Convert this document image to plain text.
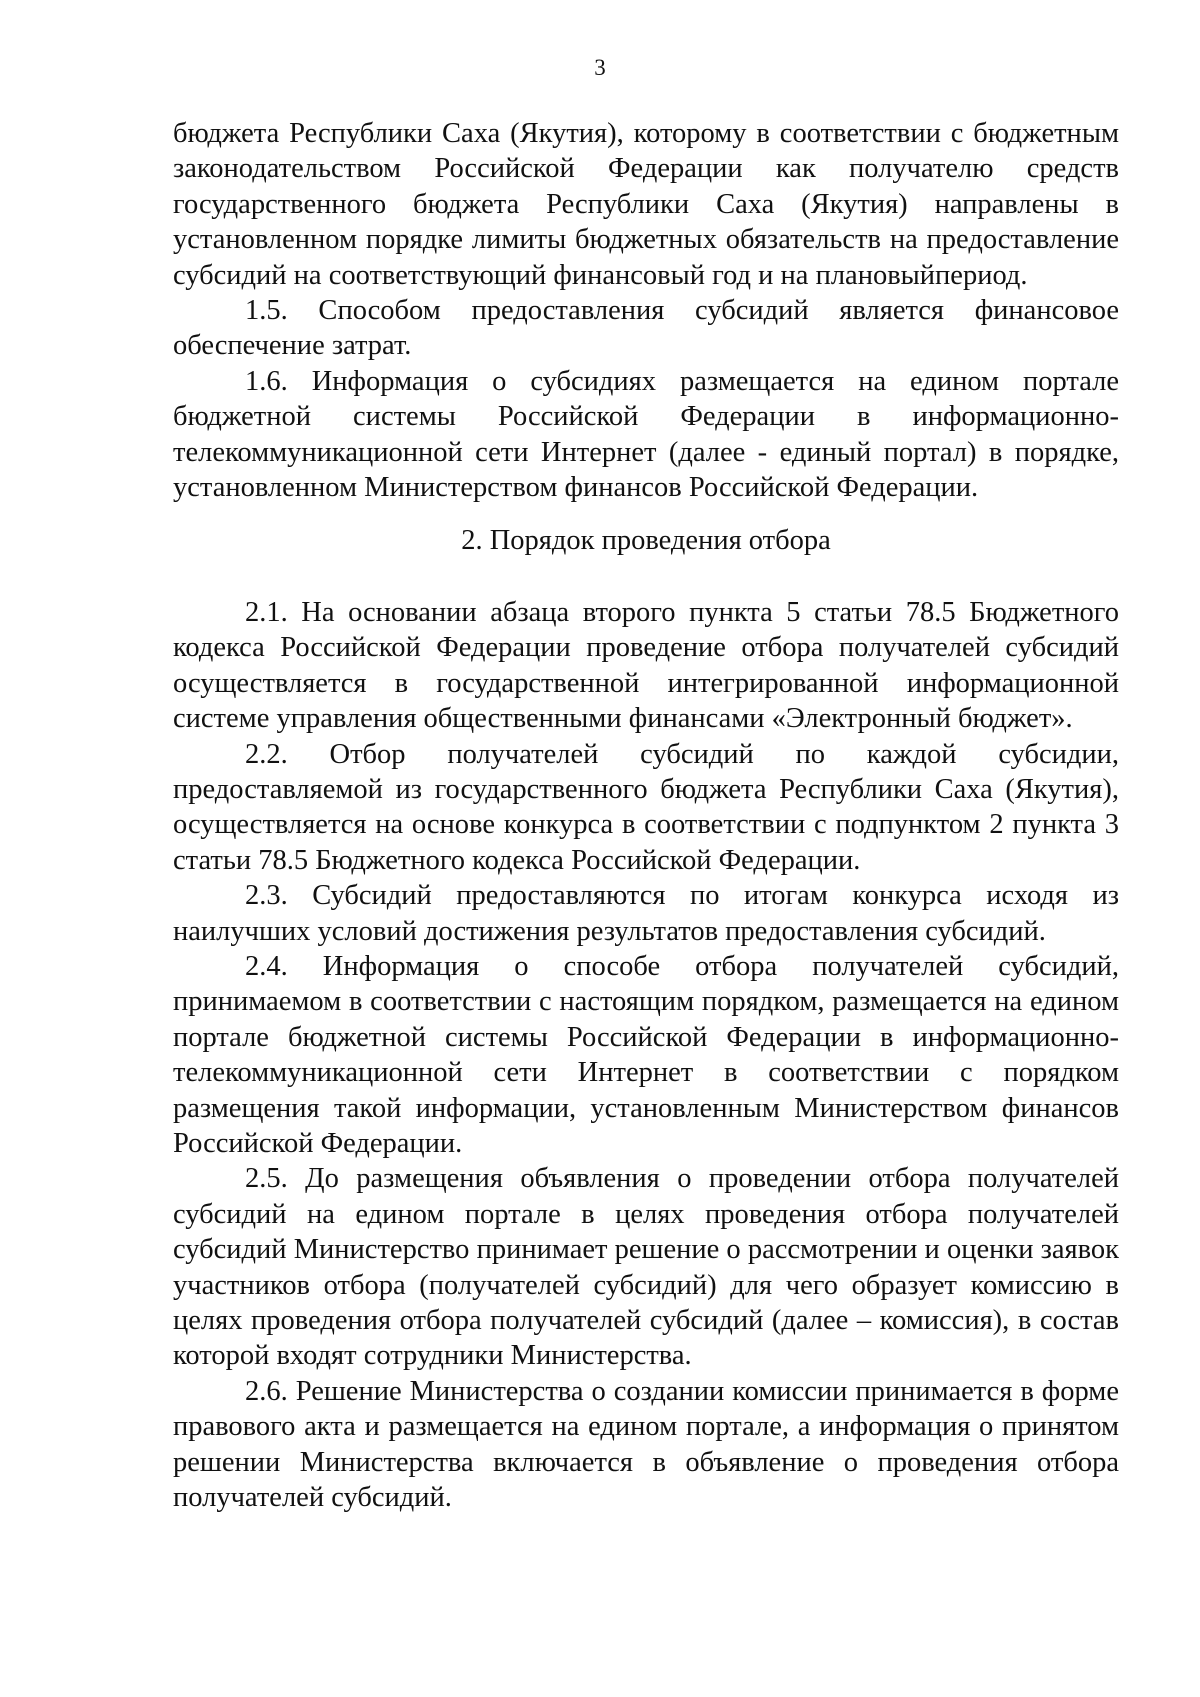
3

бюджета Республики Саха (Якутия), которому в соответствии с бюджетным законодательством Российской Федерации как получателю средств государственного бюджета Республики Саха (Якутия) направлены в установленном порядке лимиты бюджетных обязательств на предоставление субсидий на соответствующий финансовый год и на плановыйпериод.

1.5. Способом предоставления субсидий является финансовое обеспечение затрат.

1.6. Информация о субсидиях размещается на едином портале бюджетной системы Российской Федерации в информационно-телекоммуникационной сети Интернет (далее - единый портал) в порядке, установленном Министерством финансов Российской Федерации.

2. Порядок проведения отбора

2.1. На основании абзаца второго пункта 5 статьи 78.5 Бюджетного кодекса Российской Федерации проведение отбора получателей субсидий осуществляется в государственной интегрированной информационной системе управления общественными финансами «Электронный бюджет».

2.2. Отбор получателей субсидий по каждой субсидии, предоставляемой из государственного бюджета Республики Саха (Якутия), осуществляется на основе конкурса в соответствии с подпунктом 2 пункта 3 статьи 78.5 Бюджетного кодекса Российской Федерации.

2.3. Субсидий предоставляются по итогам конкурса исходя из наилучших условий достижения результатов предоставления субсидий.

2.4. Информация о способе отбора получателей субсидий, принимаемом в соответствии с настоящим порядком, размещается на едином портале бюджетной системы Российской Федерации в информационно-телекоммуникационной сети Интернет в соответствии с порядком размещения такой информации, установленным Министерством финансов Российской Федерации.

2.5. До размещения объявления о проведении отбора получателей субсидий на едином портале в целях проведения отбора получателей субсидий Министерство принимает решение о рассмотрении и оценки заявок участников отбора (получателей субсидий) для чего образует комиссию в целях проведения отбора получателей субсидий (далее – комиссия), в состав которой входят сотрудники Министерства.

2.6. Решение Министерства о создании комиссии принимается в форме правового акта и размещается на едином портале, а информация о принятом решении Министерства включается в объявление о проведения отбора получателей субсидий.
